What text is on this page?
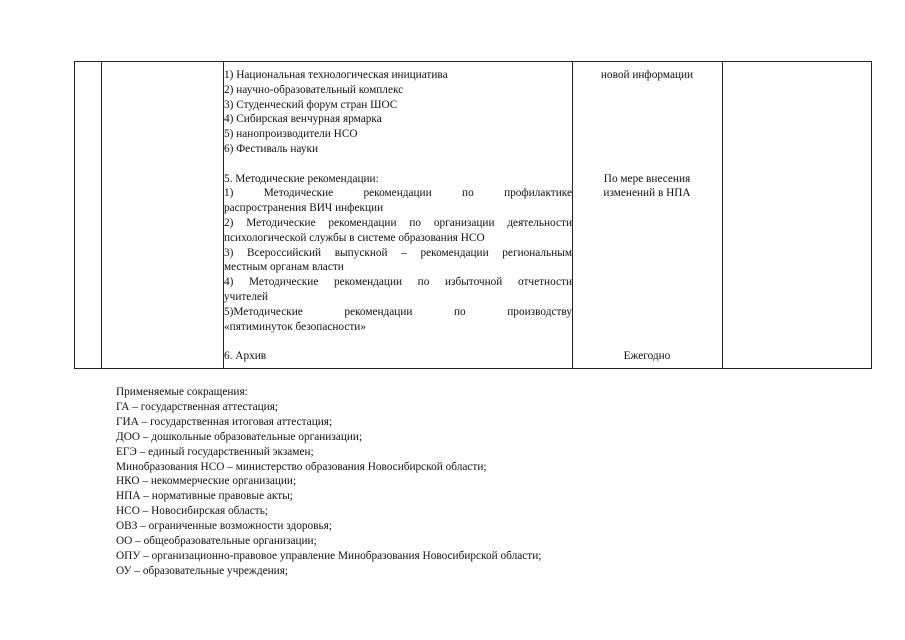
1) Национальная технологическая инициатива
2) научно-образовательный комплекс
3) Студенческий форум стран ШОС
4) Сибирская венчурная ярмарка
5) нанопроизводители НСО
6) Фестиваль науки
5. Методические рекомендации:
1) Методические рекомендации по профилактике
распространения ВИЧ инфекции
2) Методические рекомендации по организации деятельности
психологической службы в системе образования НСО
3) Всероссийский выпускной – рекомендации региональным
местным органам власти
4) Методические рекомендации по избыточной отчетности
учителей
5)Методические рекомендации по производству
«пятиминуток безопасности»
6. Архив
новой информации
По мере внесения
изменений в НПА
Ежегодно
Применяемые сокращения:
ГА – государственная аттестация;
ГИА – государственная итоговая аттестация;
ДОО – дошкольные образовательные организации;
ЕГЭ – единый государственный экзамен;
Минобразования НСО – министерство образования Новосибирской области;
НКО – некоммерческие организации;
НПА – нормативные правовые акты;
НСО – Новосибирская область;
ОВЗ – ограниченные возможности здоровья;
ОО – общеобразовательные организации;
ОПУ – организационно-правовое управление Минобразования Новосибирской области;
ОУ – образовательные учреждения;
